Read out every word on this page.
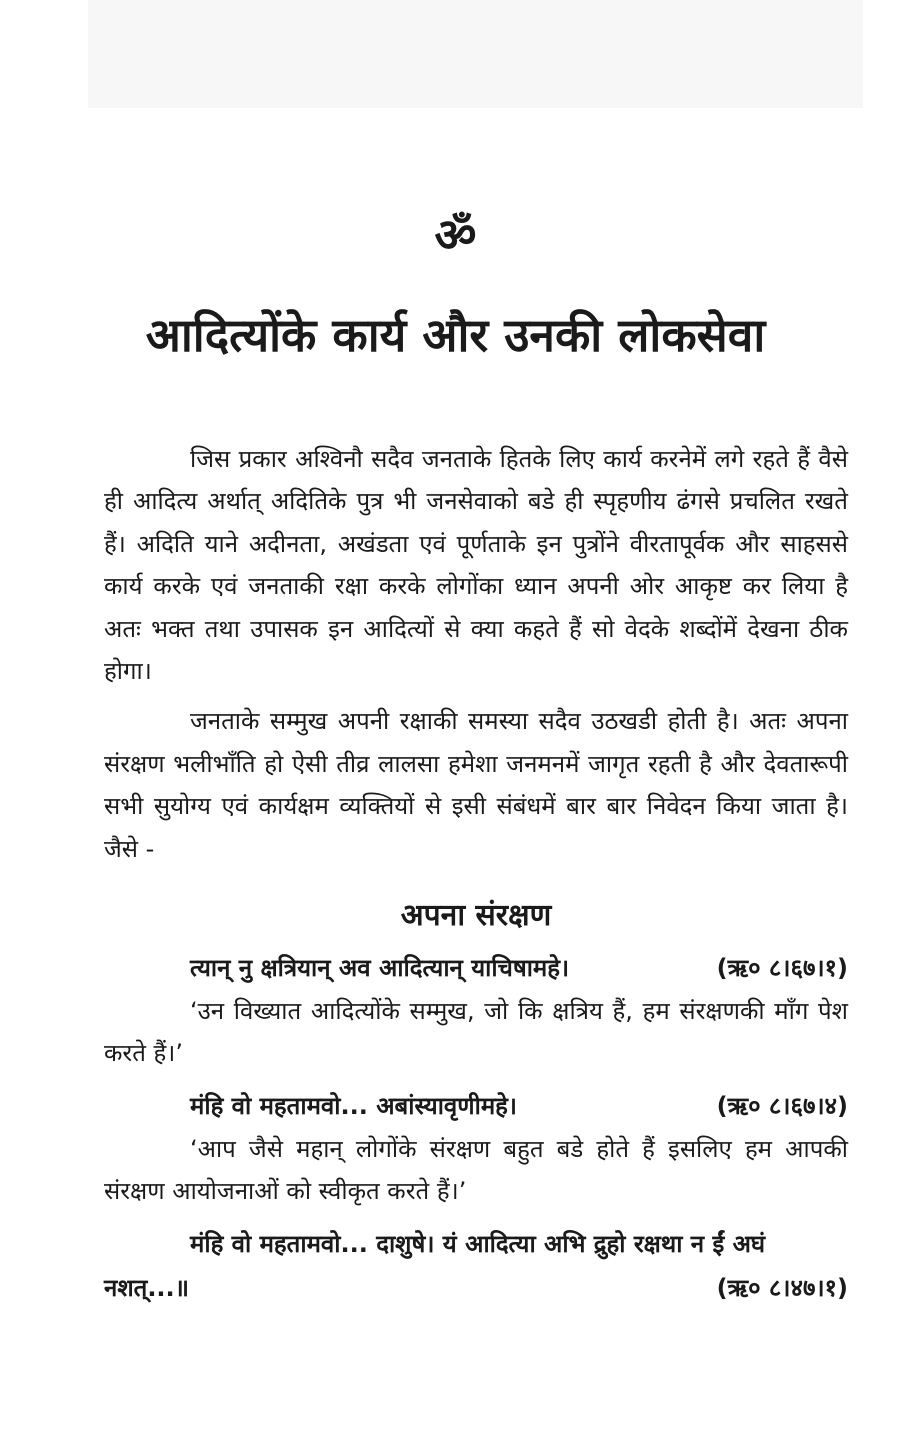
ॐ
आदित्योंके कार्य और उनकी लोकसेवा

जिस प्रकार अश्विनौ सदैव जनताके हितके लिए कार्य करनेमें लगे रहते हैं वैसे ही आदित्य अर्थात् अदितिके पुत्र भी जनसेवाको बडे ही स्पृहणीय ढंगसे प्रचलित रखते हैं। अदिति याने अदीनता, अखंडता एवं पूर्णताके इन पुत्रोंने वीरतापूर्वक और साहससे कार्य करके एवं जनताकी रक्षा करके लोगोंका ध्यान अपनी ओर आकृष्ट कर लिया है अतः भक्त तथा उपासक इन आदित्यों से क्या कहते हैं सो वेदके शब्दोंमें देखना ठीक होगा।

जनताके सम्मुख अपनी रक्षाकी समस्या सदैव उठखडी होती है। अतः अपना संरक्षण भलीभाँति हो ऐसी तीव्र लालसा हमेशा जनमनमें जागृत रहती है और देवतारूपी सभी सुयोग्य एवं कार्यक्षम व्यक्तियों से इसी संबंधमें बार बार निवेदन किया जाता है। जैसे -

अपना संरक्षण
त्यान् नु क्षत्रियान् अव आदित्यान् याचिषामहे।	(ऋ० ८।६७।१)

‘उन विख्यात आदित्योंके सम्मुख, जो कि क्षत्रिय हैं, हम संरक्षणकी माँग पेश करते हैं।’

मंहि वो महतामवो... अबांस्यावृणीमहे।	(ऋ० ८।६७।४)

‘आप जैसे महान् लोगोंके संरक्षण बहुत बडे होते हैं इसलिए हम आपकी संरक्षण आयोजनाओं को स्वीकृत करते हैं।’

मंहि वो महतामवो... दाशुषे। यं आदित्या अभि द्रुहो रक्षथा न ईं अघं

नशत्...॥	(ऋ० ८।४७।१)
